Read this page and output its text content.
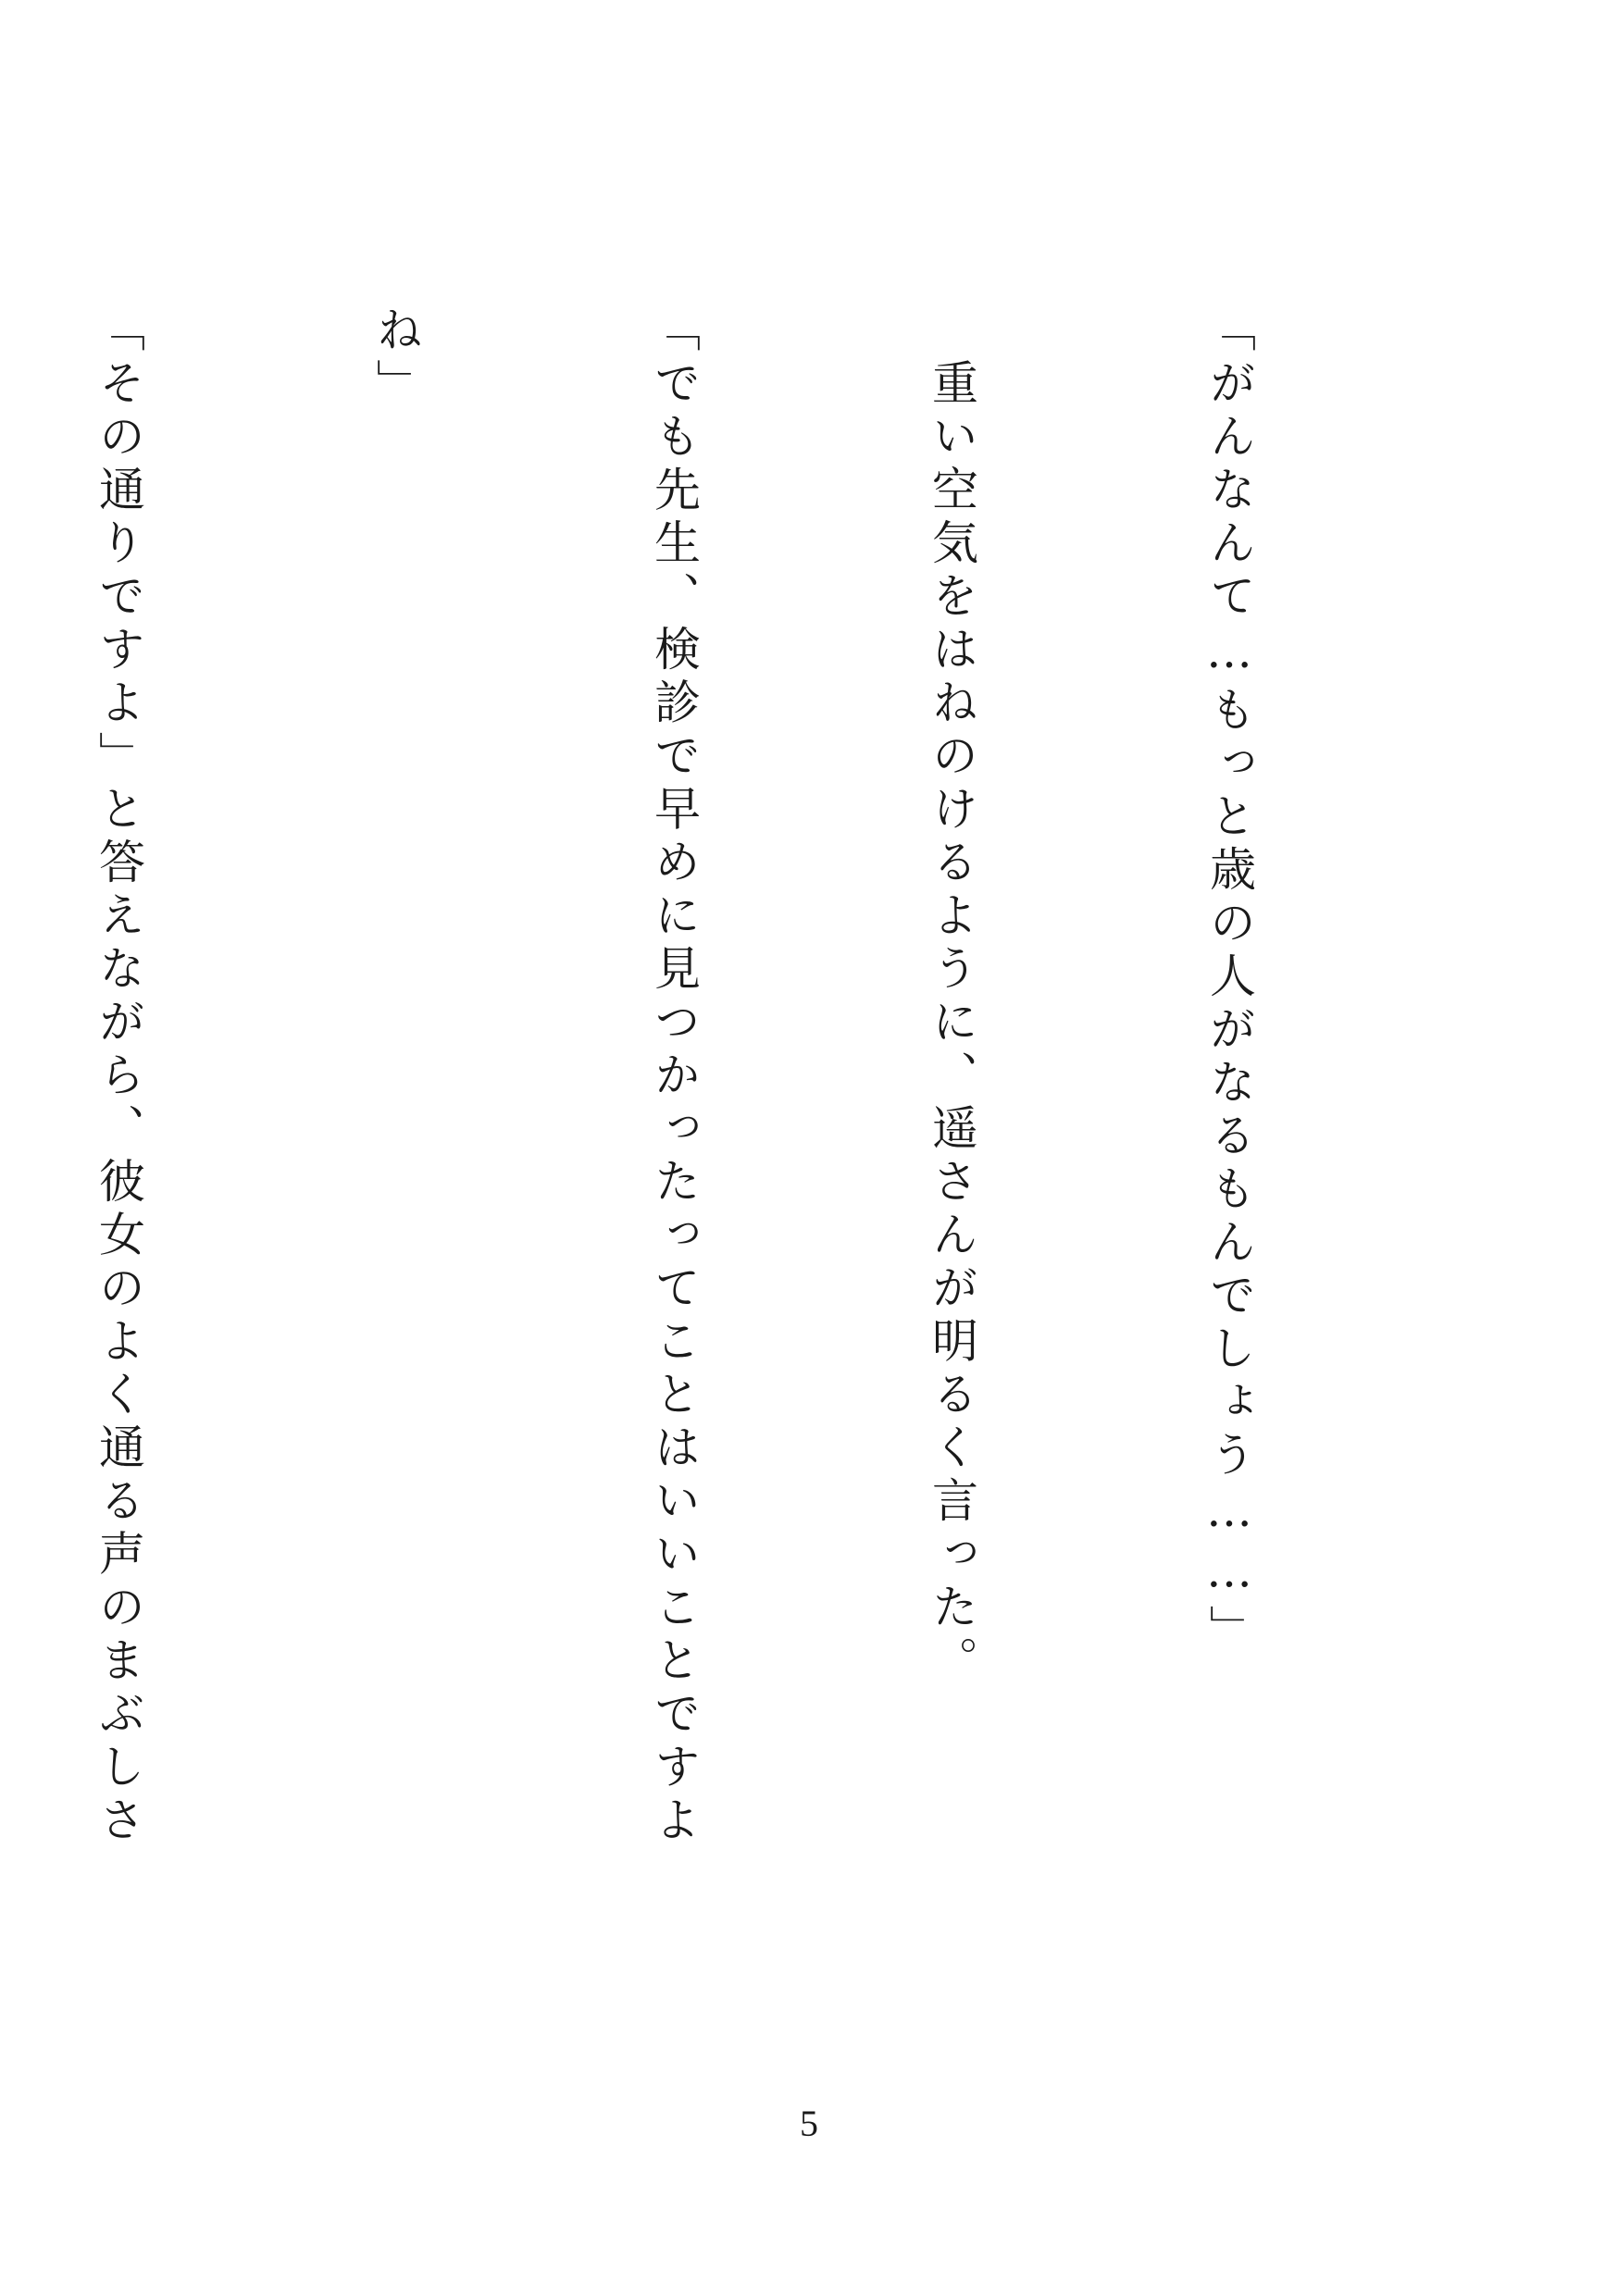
「がんなんて…もっと歳の人がなるもんでしょう……」

　重い空気をはねのけるように、遥さんが明るく言った。

「でも先生、検診で早めに見つかったってことはいいことですよ

ね」

「その通りですよ」と答えながら、彼女のよく通る声のまぶしさ

5
